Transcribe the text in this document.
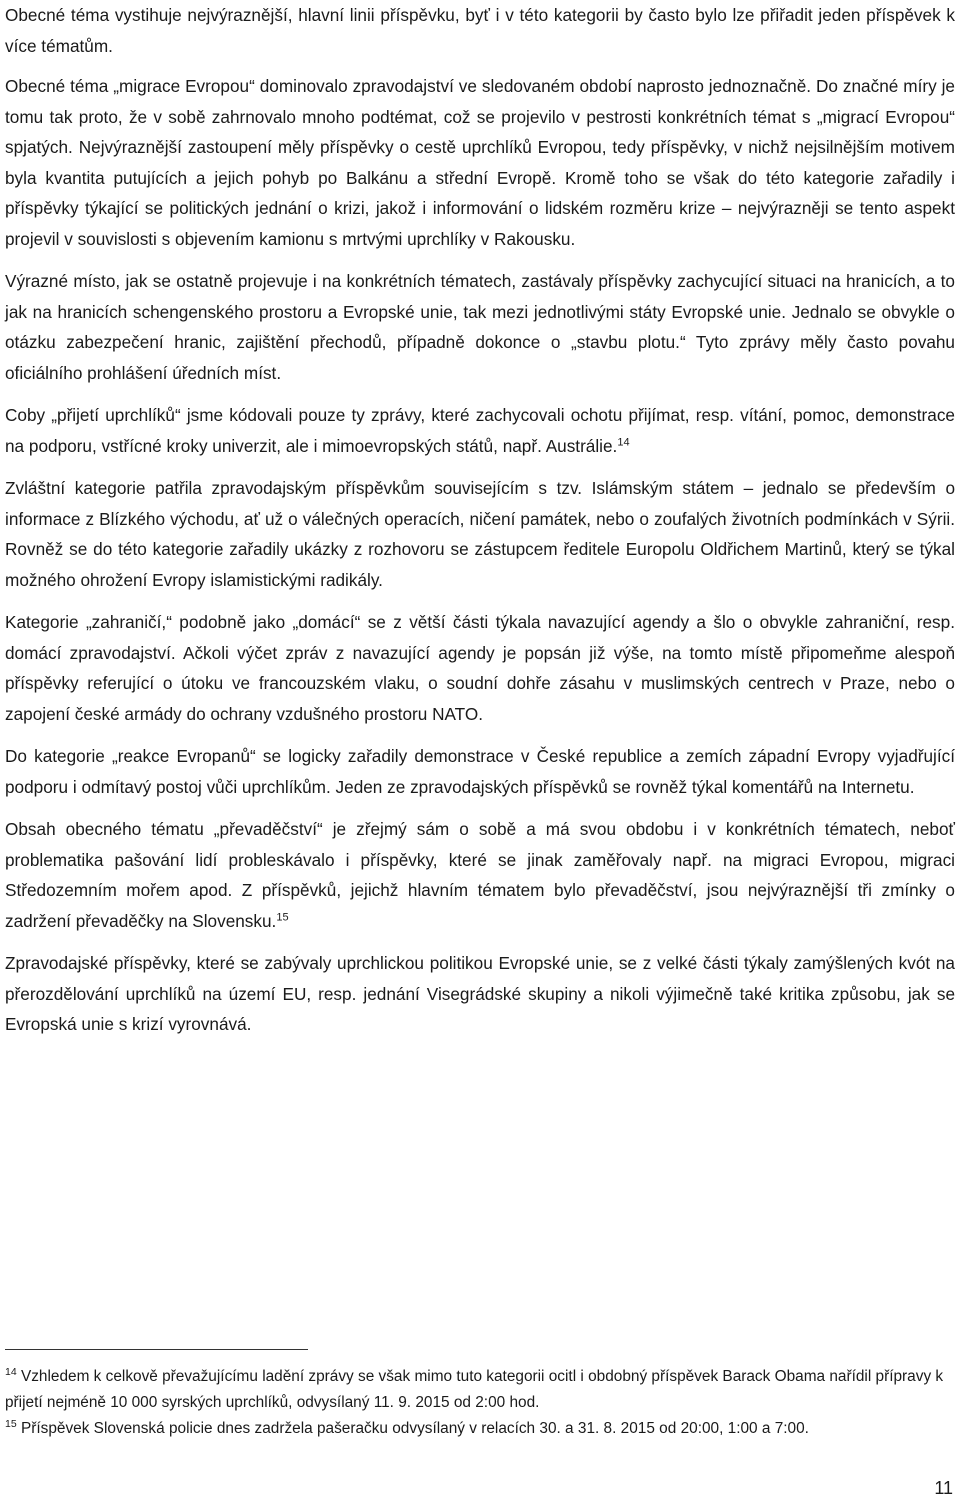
Obecné téma vystihuje nejvýraznější, hlavní linii příspěvku, byť i v této kategorii by často bylo lze přiřadit jeden příspěvek k více tématům.

Obecné téma „migrace Evropou“ dominovalo zpravodajství ve sledovaném období naprosto jednoznačně. Do značné míry je tomu tak proto, že v sobě zahrnovalo mnoho podtémat, což se projevilo v pestrosti konkrétních témat s „migrací Evropou“ spjatých. Nejvýraznější zastoupení měly příspěvky o cestě uprchlíků Evropou, tedy příspěvky, v nichž nejsilnějším motivem byla kvantita putujících a jejich pohyb po Balkánu a střední Evropě. Kromě toho se však do této kategorie zařadily i příspěvky týkající se politických jednání o krizi, jakož i informování o lidském rozměru krize – nejvýrazněji se tento aspekt projevil v souvislosti s objevením kamionu s mrtvými uprchlíky v Rakousku.

Výrazné místo, jak se ostatně projevuje i na konkrétních tématech, zastávaly příspěvky zachycující situaci na hranicích, a to jak na hranicích schengenského prostoru a Evropské unie, tak mezi jednotlivými státy Evropské unie. Jednalo se obvykle o otázku zabezpečení hranic, zajištění přechodů, případně dokonce o „stavbu plotu.“ Tyto zprávy měly často povahu oficiálního prohlášení úředních míst.

Coby „přijetí uprchlíků“ jsme kódovali pouze ty zprávy, které zachycovali ochotu přijímat, resp. vítání, pomoc, demonstrace na podporu, vstřícné kroky univerzit, ale i mimoevropských států, např. Austrálie.$^{14}$

Zvláštní kategorie patřila zpravodajským příspěvkům souvisejícím s tzv. Islámským státem – jednalo se především o informace z Blízkého východu, ať už o válečných operacích, ničení památek, nebo o zoufalých životních podmínkách v Sýrii. Rovněž se do této kategorie zařadily ukázky z rozhovoru se zástupcem ředitele Europolu Oldřichem Martinů, který se týkal možného ohrožení Evropy islamistickými radikály.

Kategorie „zahraničí,“ podobně jako „domácí“ se z větší části týkala navazující agendy a šlo o obvykle zahraniční, resp. domácí zpravodajství. Ačkoli výčet zpráv z navazující agendy je popsán již výše, na tomto místě připomeňme alespoň příspěvky referující o útoku ve francouzském vlaku, o soudní dohře zásahu v muslimských centrech v Praze, nebo o zapojení české armády do ochrany vzdušného prostoru NATO.

Do kategorie „reakce Evropanů“ se logicky zařadily demonstrace v České republice a zemích západní Evropy vyjadřující podporu i odmítavý postoj vůči uprchlíkům. Jeden ze zpravodajských příspěvků se rovněž týkal komentářů na Internetu.

Obsah obecného tématu „převaděčství“ je zřejmý sám o sobě a má svou obdobu i v konkrétních tématech, neboť problematika pašování lidí probleskávalo i příspěvky, které se jinak zaměřovaly např. na migraci Evropou, migraci Středozemním mořem apod. Z příspěvků, jejichž hlavním tématem bylo převaděčství, jsou nejvýraznější tři zmínky o zadržení převaděčky na Slovensku.$^{15}$

Zpravodajské příspěvky, které se zabývaly uprchlickou politikou Evropské unie, se z velké části týkaly zamýšlených kvót na přerozdělování uprchlíků na území EU, resp. jednání Visegrádské skupiny a nikoli výjimečně také kritika způsobu, jak se Evropská unie s krizí vyrovnává.

$^{14}$ Vzhledem k celkově převažujícímu ladění zprávy se však mimo tuto kategorii ocitl i obdobný příspěvek Barack Obama nařídil přípravy k přijetí nejméně 10 000 syrských uprchlíků, odvysílaný 11. 9. 2015 od 2:00 hod.

$^{15}$ Příspěvek Slovenská policie dnes zadržela pašeračku odvysílaný v relacích 30. a 31. 8. 2015 od 20:00, 1:00 a 7:00.

11
